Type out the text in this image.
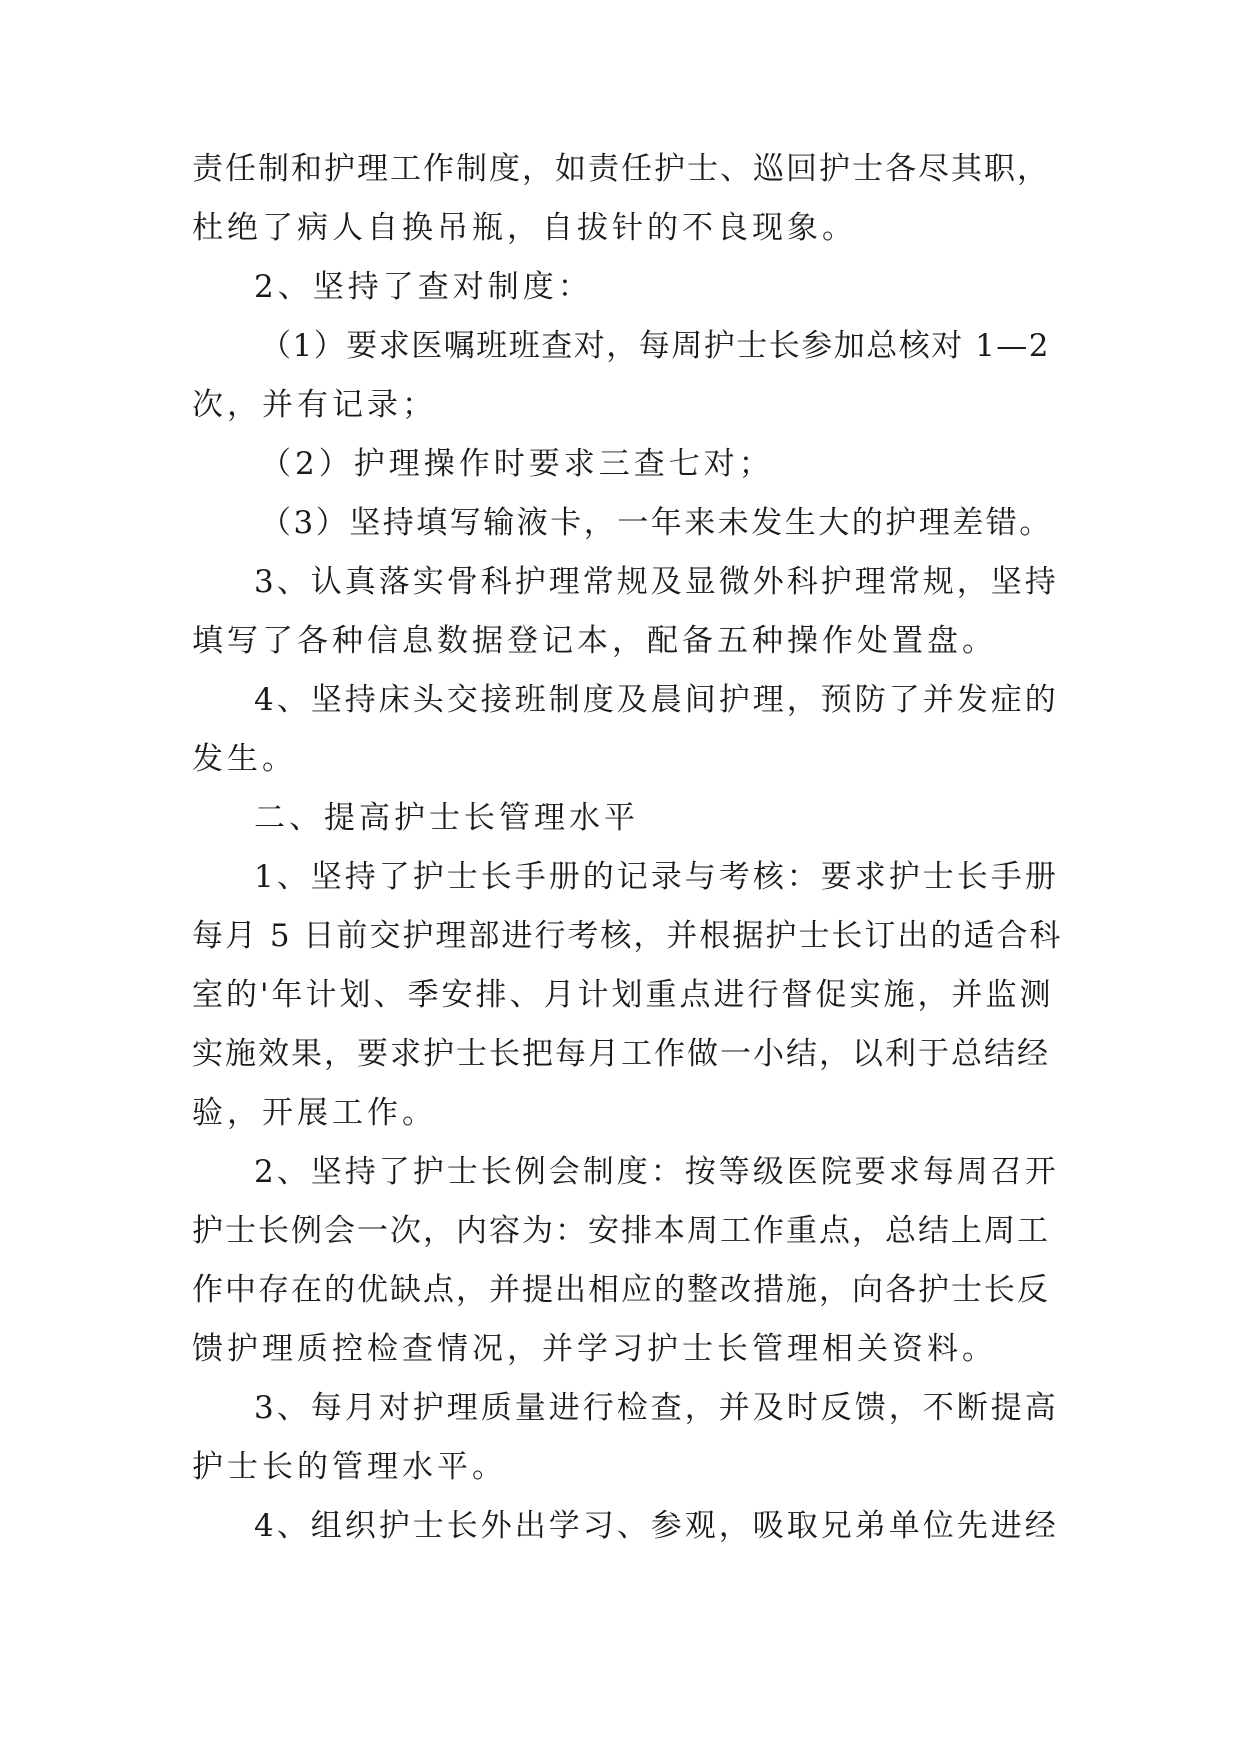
责任制和护理工作制度，如责任护士、巡回护士各尽其职，
杜绝了病人自换吊瓶，自拔针的不良现象。
2、坚持了查对制度：
（1）要求医嘱班班查对，每周护士长参加总核对 1—2
次，并有记录；
（2）护理操作时要求三查七对；
（3）坚持填写输液卡，一年来未发生大的护理差错。
3、认真落实骨科护理常规及显微外科护理常规，坚持
填写了各种信息数据登记本，配备五种操作处置盘。
4、坚持床头交接班制度及晨间护理，预防了并发症的
发生。
二、提高护士长管理水平
1、坚持了护士长手册的记录与考核：要求护士长手册
每月 5 日前交护理部进行考核，并根据护士长订出的适合科
室的'年计划、季安排、月计划重点进行督促实施，并监测
实施效果，要求护士长把每月工作做一小结，以利于总结经
验，开展工作。
2、坚持了护士长例会制度：按等级医院要求每周召开
护士长例会一次，内容为：安排本周工作重点，总结上周工
作中存在的优缺点，并提出相应的整改措施，向各护士长反
馈护理质控检查情况，并学习护士长管理相关资料。
3、每月对护理质量进行检查，并及时反馈，不断提高
护士长的管理水平。
4、组织护士长外出学习、参观，吸取兄弟单位先进经
